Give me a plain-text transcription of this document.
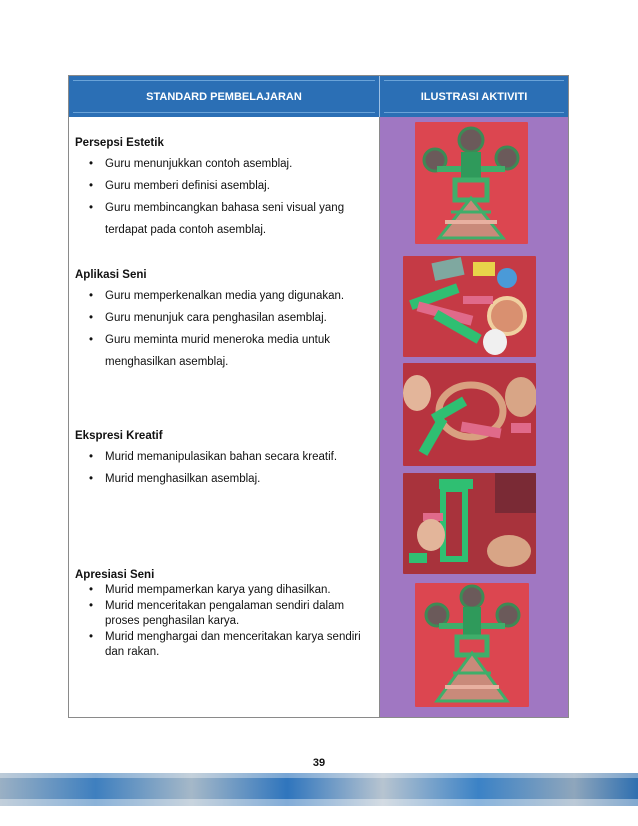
STANDARD PEMBELAJARAN	ILUSTRASI AKTIVITI
Persepsi Estetik
• Guru menunjukkan contoh asemblaj.
• Guru memberi definisi asemblaj.
• Guru membincangkan bahasa seni visual yang terdapat pada contoh asemblaj.
Aplikasi Seni
• Guru memperkenalkan media yang digunakan.
• Guru menunjuk cara penghasilan asemblaj.
• Guru meminta murid meneroka media untuk menghasilkan asemblaj.
Ekspresi Kreatif
• Murid memanipulasikan bahan secara kreatif.
• Murid menghasilkan asemblaj.
Apresiasi Seni
• Murid mempamerkan karya yang dihasilkan.
• Murid menceritakan pengalaman sendiri dalam proses penghasilan karya.
• Murid menghargai dan menceritakan karya sendiri dan rakan.
39
